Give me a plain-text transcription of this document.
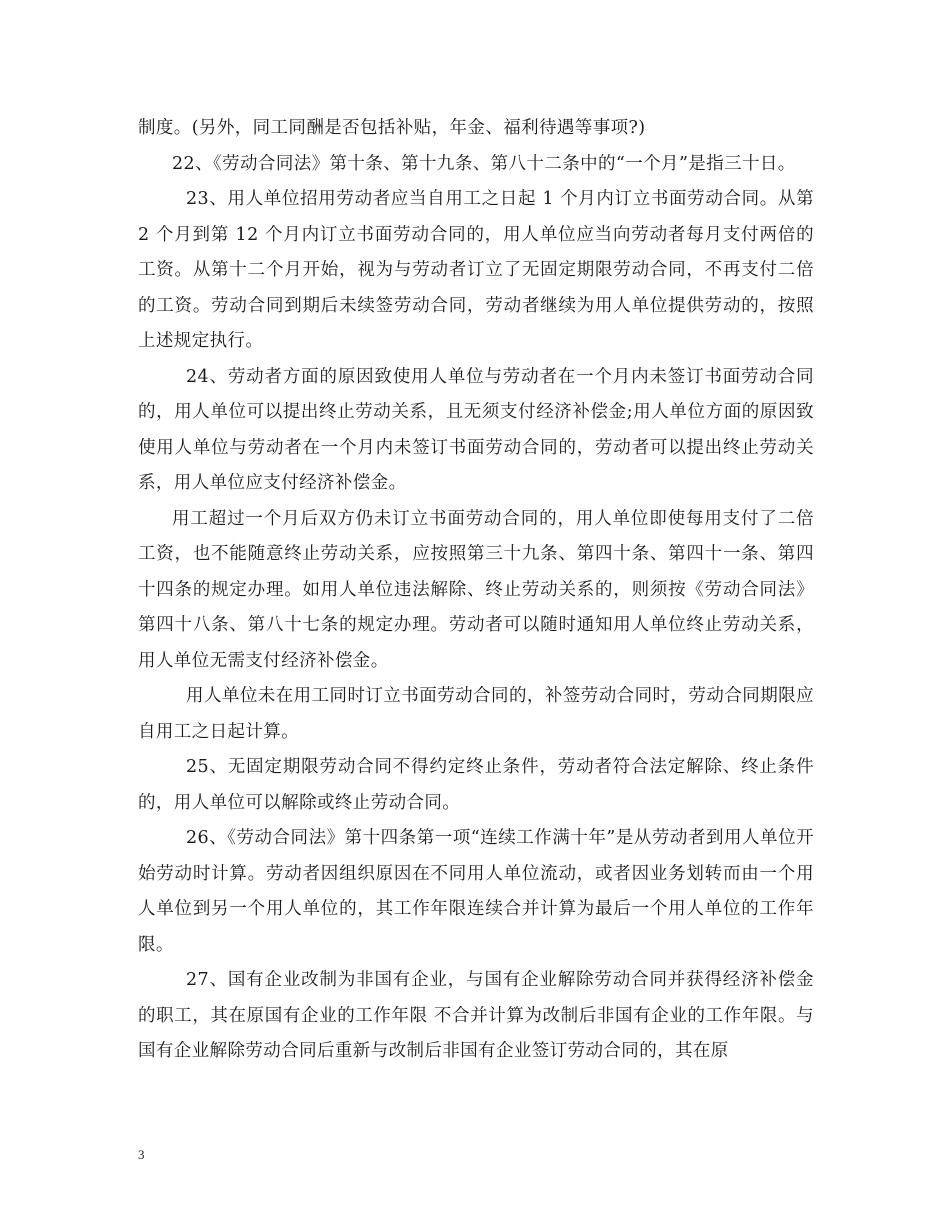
制度。(另外，同工同酬是否包括补贴，年金、福利待遇等事项?)

22、《劳动合同法》第十条、第十九条、第八十二条中的“一个月”是指三十日。

23、用人单位招用劳动者应当自用工之日起 1 个月内订立书面劳动合同。从第 2 个月到第 12 个月内订立书面劳动合同的，用人单位应当向劳动者每月支付两倍的工资。从第十二个月开始，视为与劳动者订立了无固定期限劳动合同，不再支付二倍的工资。劳动合同到期后未续签劳动合同，劳动者继续为用人单位提供劳动的，按照上述规定执行。

24、劳动者方面的原因致使用人单位与劳动者在一个月内未签订书面劳动合同的，用人单位可以提出终止劳动关系，且无须支付经济补偿金;用人单位方面的原因致使用人单位与劳动者在一个月内未签订书面劳动合同的，劳动者可以提出终止劳动关系，用人单位应支付经济补偿金。

用工超过一个月后双方仍未订立书面劳动合同的，用人单位即使每用支付了二倍工资，也不能随意终止劳动关系，应按照第三十九条、第四十条、第四十一条、第四十四条的规定办理。如用人单位违法解除、终止劳动关系的，则须按《劳动合同法》第四十八条、第八十七条的规定办理。劳动者可以随时通知用人单位终止劳动关系，用人单位无需支付经济补偿金。

用人单位未在用工同时订立书面劳动合同的，补签劳动合同时，劳动合同期限应自用工之日起计算。

25、无固定期限劳动合同不得约定终止条件，劳动者符合法定解除、终止条件的，用人单位可以解除或终止劳动合同。

26、《劳动合同法》第十四条第一项“连续工作满十年”是从劳动者到用人单位开始劳动时计算。劳动者因组织原因在不同用人单位流动，或者因业务划转而由一个用人单位到另一个用人单位的，其工作年限连续合并计算为最后一个用人单位的工作年限。

27、国有企业改制为非国有企业，与国有企业解除劳动合同并获得经济补偿金的职工，其在原国有企业的工作年限 不合并计算为改制后非国有企业的工作年限。与国有企业解除劳动合同后重新与改制后非国有企业签订劳动合同的，其在原

3
